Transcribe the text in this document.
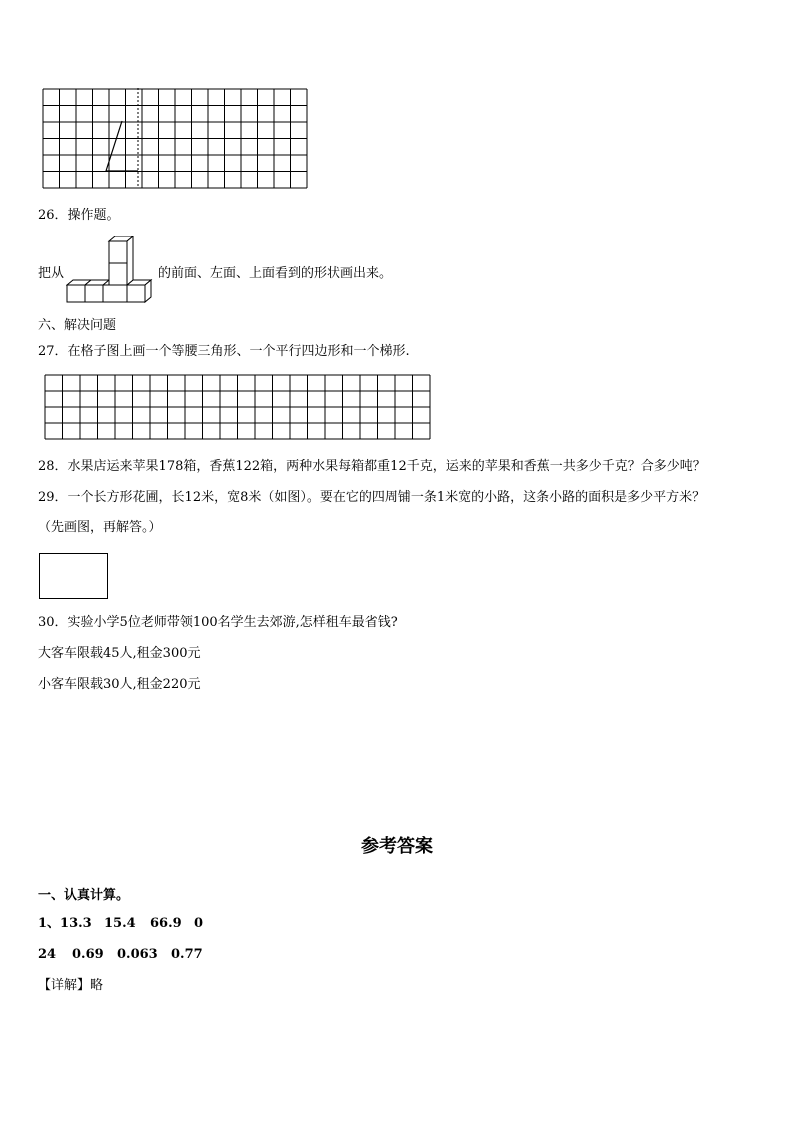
26．操作题。
把从	的前面、左面、上面看到的形状画出来。
六、解决问题
27．在格子图上画一个等腰三角形、一个平行四边形和一个梯形.
28．水果店运来苹果178箱，香蕉122箱，两种水果每箱都重12千克，运来的苹果和香蕉一共多少千克？合多少吨？
29．一个长方形花圃，长12米，宽8米（如图）。要在它的四周铺一条1米宽的小路，这条小路的面积是多少平方米？
（先画图，再解答。）
30．实验小学5位老师带领100名学生去郊游,怎样租车最省钱?
大客车限载45人,租金300元
小客车限载30人,租金220元
参考答案
一、认真计算。
1、13.3 15.4 66.9 0
24 0.69 0.063 0.77
【详解】略
